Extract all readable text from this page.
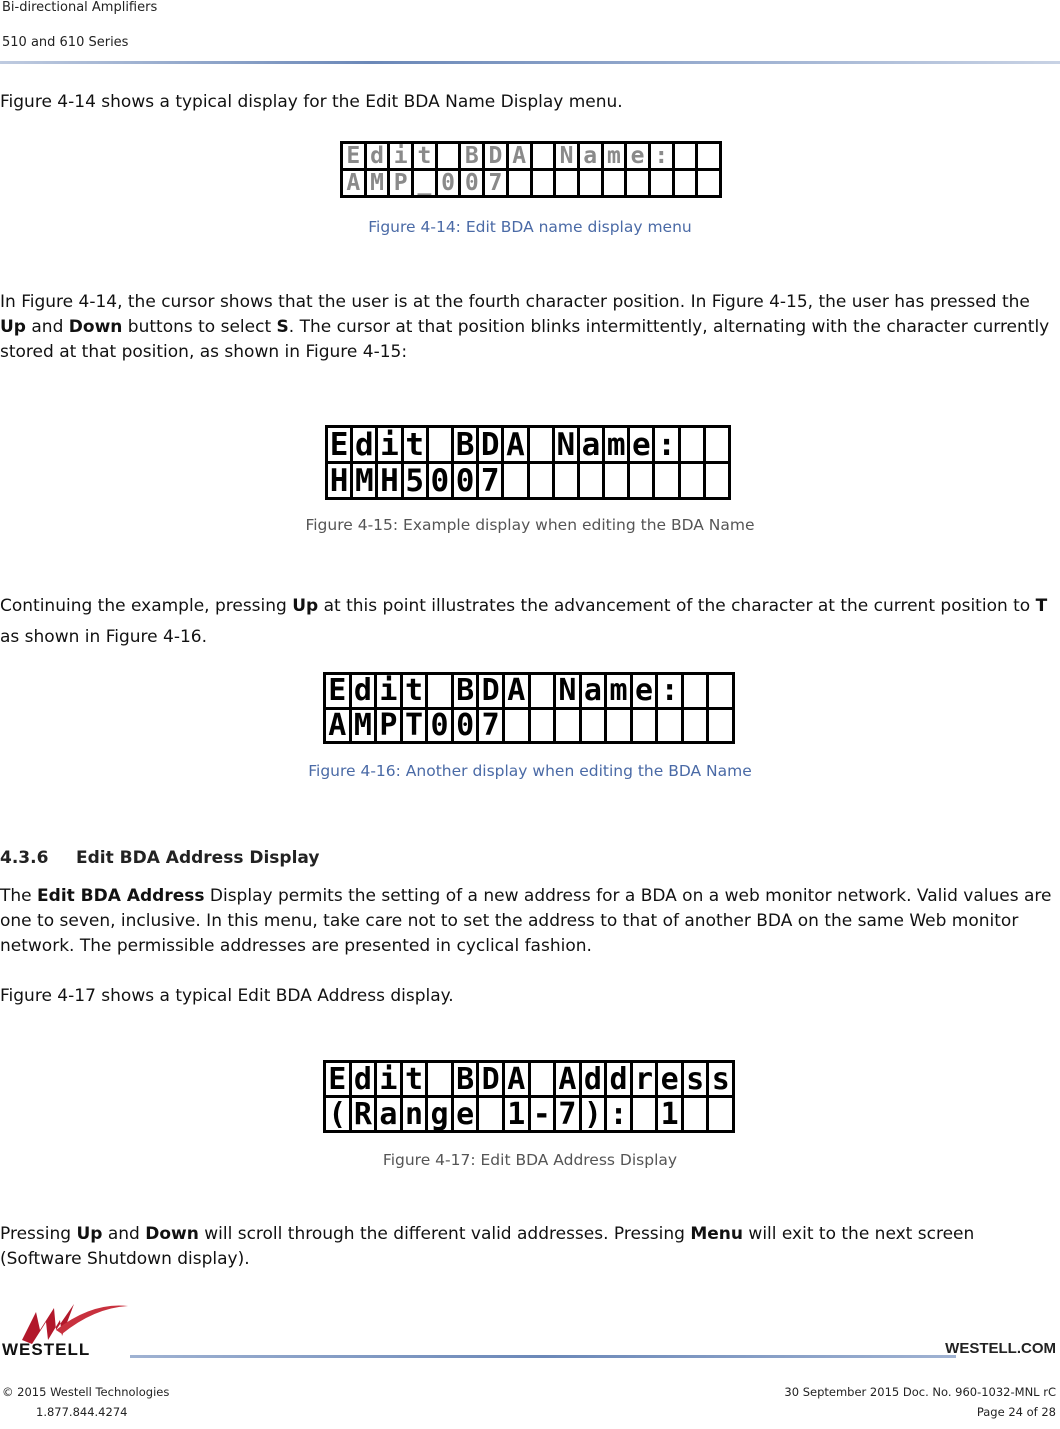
Bi-directional Amplifiers
510 and 610 Series
Figure 4-14 shows a typical display for the Edit BDA Name Display menu.
E d i t B D A N a m e :
A M P _ 0 0 7
Figure 4-14: Edit BDA name display menu
In Figure 4-14, the cursor shows that the user is at the fourth character position. In Figure 4-15, the user has pressed the Up and Down buttons to select S. The cursor at that position blinks intermittently, alternating with the character currently stored at that position, as shown in Figure 4-15:
E d i t B D A N a m e :
H M H 5 0 0 7
Figure 4-15: Example display when editing the BDA Name
Continuing the example, pressing Up at this point illustrates the advancement of the character at the current position to T as shown in Figure 4-16.
E d i t B D A N a m e :
A M P T 0 0 7
Figure 4-16: Another display when editing the BDA Name
4.3.6 Edit BDA Address Display
The Edit BDA Address Display permits the setting of a new address for a BDA on a web monitor network. Valid values are one to seven, inclusive. In this menu, take care not to set the address to that of another BDA on the same Web monitor network. The permissible addresses are presented in cyclical fashion.
Figure 4-17 shows a typical Edit BDA Address display.
E d i t B D A A d d r e s s
( R a n g e 1 - 7 ) : 1
Figure 4-17: Edit BDA Address Display
Pressing Up and Down will scroll through the different valid addresses. Pressing Menu will exit to the next screen (Software Shutdown display).
WESTELL	WESTELL.COM
© 2015 Westell Technologies
1.877.844.4274
30 September 2015 Doc. No. 960-1032-MNL rC
Page 24 of 28
